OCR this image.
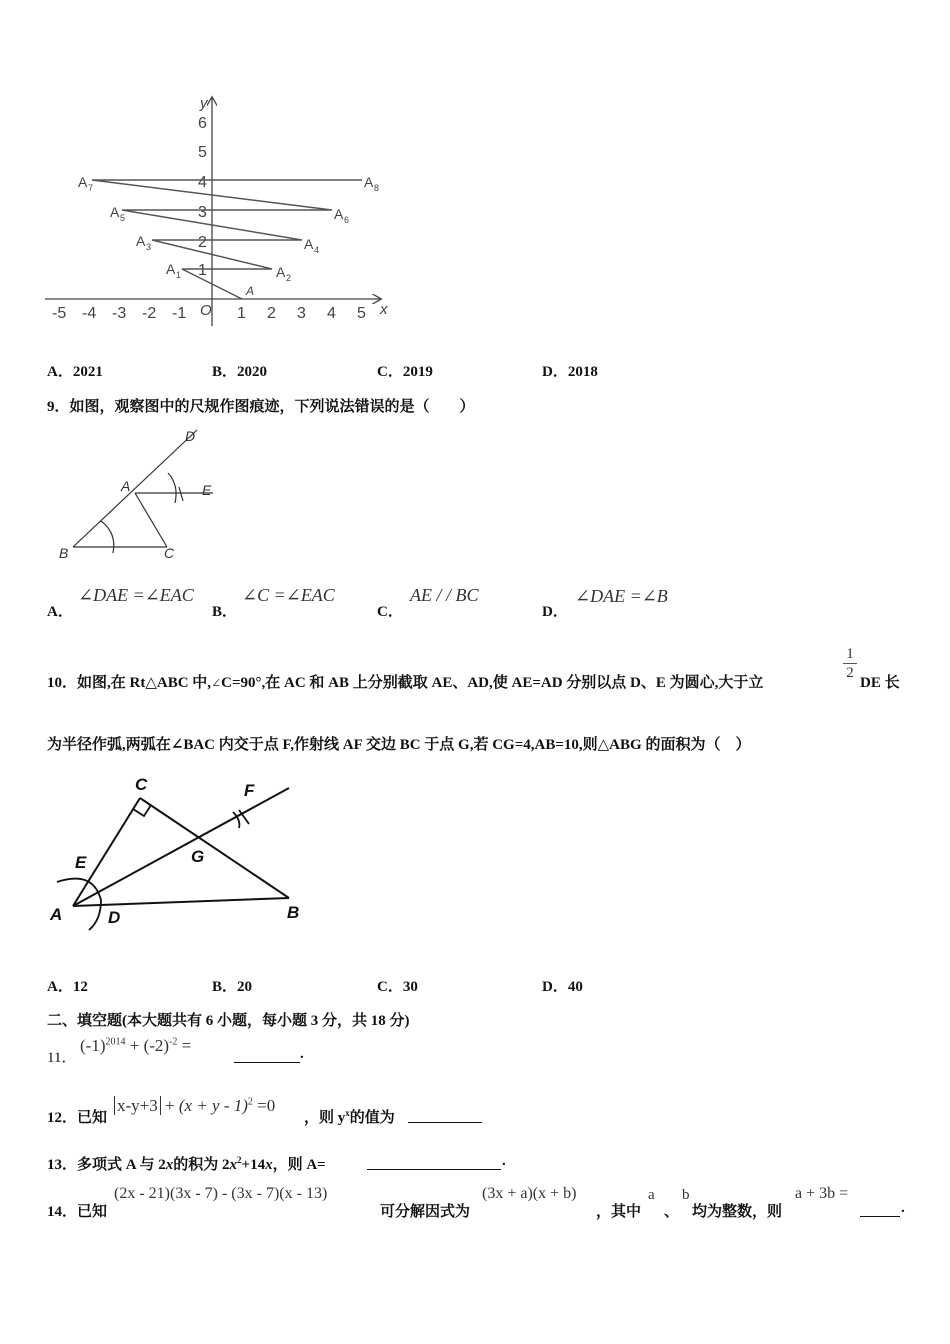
x
y
O
-5 -4 -3 -2 -1	1 2 3 4 5
1
2
3
4
5
6
A
A 1	A 2
A 3	A 4
A 5	A 6
A 7	A 8
A．2021	B．2020	C．2019	D．2018
9．如图，观察图中的尺规作图痕迹，下列说法错误的是（　　）
D
A	E
B	C
A．
∠DAE =∠EAC
B．
∠C =∠EAC
C．
AE / / BC
D．
∠DAE =∠B
10．如图,在 Rt△ABC 中,∠C=90°,在 AC 和 AB 上分别截取 AE、AD,使 AE=AD 分别以点 D、E 为圆心,大于立
$\frac{1}{2}$
DE 长
为半径作弧,两弧在∠BAC 内交于点 F,作射线 AF 交边 BC 于点 G,若 CG=4,AB=10,则△ABG 的面积为（　）
C	F
E	G
A	D	B
A．12	B．20	C．30	D．40
二、填空题(本大题共有 6 小题，每小题 3 分，共 18 分)
11．
$(-1)^{2014} + (-2)^{-2}$ =	.
12．已知
$x-y+3 + (x + y - 1)^2 =0$
，则 $y^x$的值为
13．多项式 A 与 2x的积为 $2x^2+14x$，则 A=	.
14．已知
(2x - 21)(3x - 7) - (3x - 7)(x - 13)
可分解因式为
(3x + a)(x + b)
，其中
a
、
b
均为整数，则
a + 3b =
.
